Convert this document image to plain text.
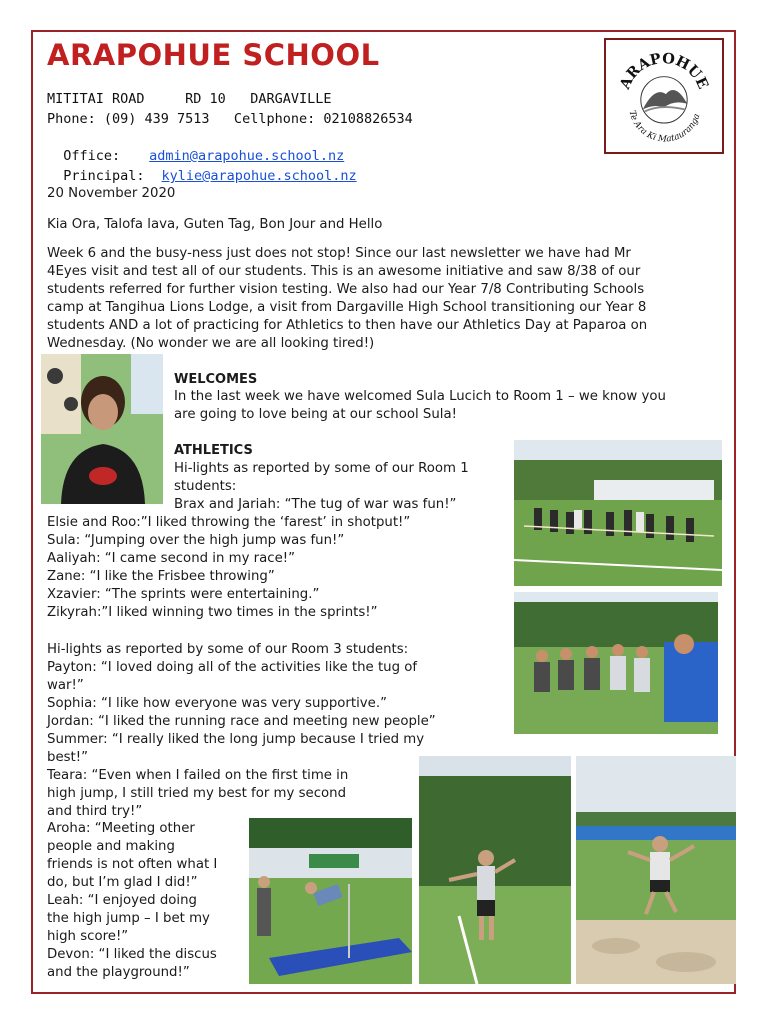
ARAPOHUE SCHOOL
MITITAI ROAD     RD 10   DARGAVILLE
Phone: (09) 439 7513   Cellphone: 02108826534

Office: admin@arapohue.school.nz

Principal: kylie@arapohue.school.nz

ARAPOHUE
Te Ara Ki Matauranga

20 November 2020

Kia Ora, Talofa lava, Guten Tag, Bon Jour and Hello

Week 6 and the busy-ness just does not stop! Since our last newsletter we have had Mr
4Eyes visit and test all of our students. This is an awesome initiative and saw 8/38 of our
students referred for further vision testing. We also had our Year 7/8 Contributing Schools
camp at Tangihua Lions Lodge, a visit from Dargaville High School transitioning our Year 8
students AND a lot of practicing for Athletics to then have our Athletics Day at Paparoa on
Wednesday. (No wonder we are all looking tired!)
WELCOMES
In the last week we have welcomed Sula Lucich to Room 1 – we know you
are going to love being at our school Sula!
ATHLETICS
Hi-lights as reported by some of our Room 1
students:
Brax and Jariah: “The tug of war was fun!”
Elsie and Roo:”I liked throwing the ‘farest’ in shotput!”
Sula: “Jumping over the high jump was fun!”
Aaliyah: “I came second in my race!”
Zane: “I like the Frisbee throwing”
Xzavier: “The sprints were entertaining.”
Zikyrah:”I liked winning two times in the sprints!”
Hi-lights as reported by some of our Room 3 students:
Payton: “I loved doing all of the activities like the tug of
war!”
Sophia: “I like how everyone was very supportive.”
Jordan: “I liked the running race and meeting new people”
Summer: “I really liked the long jump because I tried my
best!”
Teara: “Even when I failed on the first time in
high jump, I still tried my best for my second
and third try!”
Aroha: “Meeting other
people and making
friends is not often what I
do, but I’m glad I did!”
Leah: “I enjoyed doing
the high jump – I bet my
high score!”
Devon: “I liked the discus
and the playground!”
